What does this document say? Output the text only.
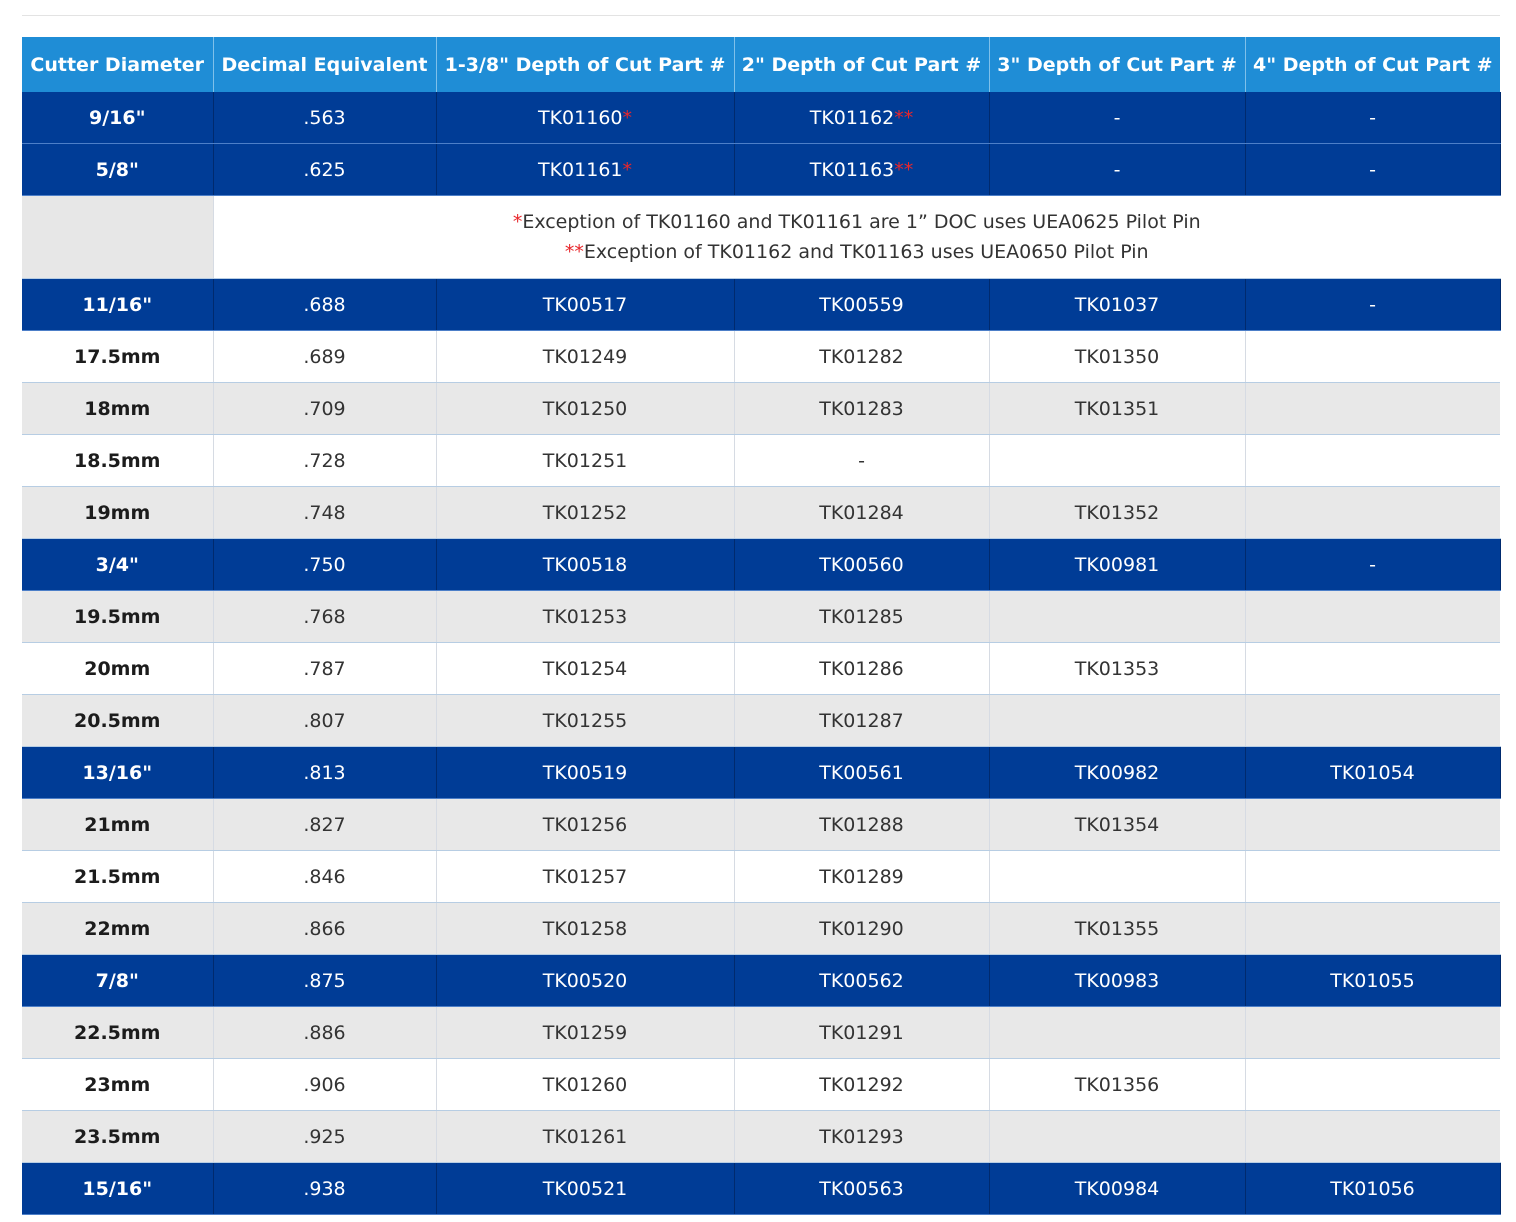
Cutter Diameter	Decimal Equivalent	1-3/8" Depth of Cut Part #	2" Depth of Cut Part #	3" Depth of Cut Part #	4" Depth of Cut Part #
9/16"	.563	TK01160*	TK01162**	-	-
5/8"	.625	TK01161*	TK01163**	-	-

	*Exception of TK01160 and TK01161 are 1” DOC uses UEA0625 Pilot Pin
**Exception of TK01162 and TK01163 uses UEA0650 Pilot Pin				

11/16"	.688	TK00517	TK00559	TK01037	-
17.5mm	.689	TK01249	TK01282	TK01350	
18mm	.709	TK01250	TK01283	TK01351	
18.5mm	.728	TK01251	-		
19mm	.748	TK01252	TK01284	TK01352	
3/4"	.750	TK00518	TK00560	TK00981	-
19.5mm	.768	TK01253	TK01285		
20mm	.787	TK01254	TK01286	TK01353	
20.5mm	.807	TK01255	TK01287		
13/16"	.813	TK00519	TK00561	TK00982	TK01054
21mm	.827	TK01256	TK01288	TK01354	
21.5mm	.846	TK01257	TK01289		
22mm	.866	TK01258	TK01290	TK01355	
7/8"	.875	TK00520	TK00562	TK00983	TK01055
22.5mm	.886	TK01259	TK01291		
23mm	.906	TK01260	TK01292	TK01356	
23.5mm	.925	TK01261	TK01293		
15/16"	.938	TK00521	TK00563	TK00984	TK01056
